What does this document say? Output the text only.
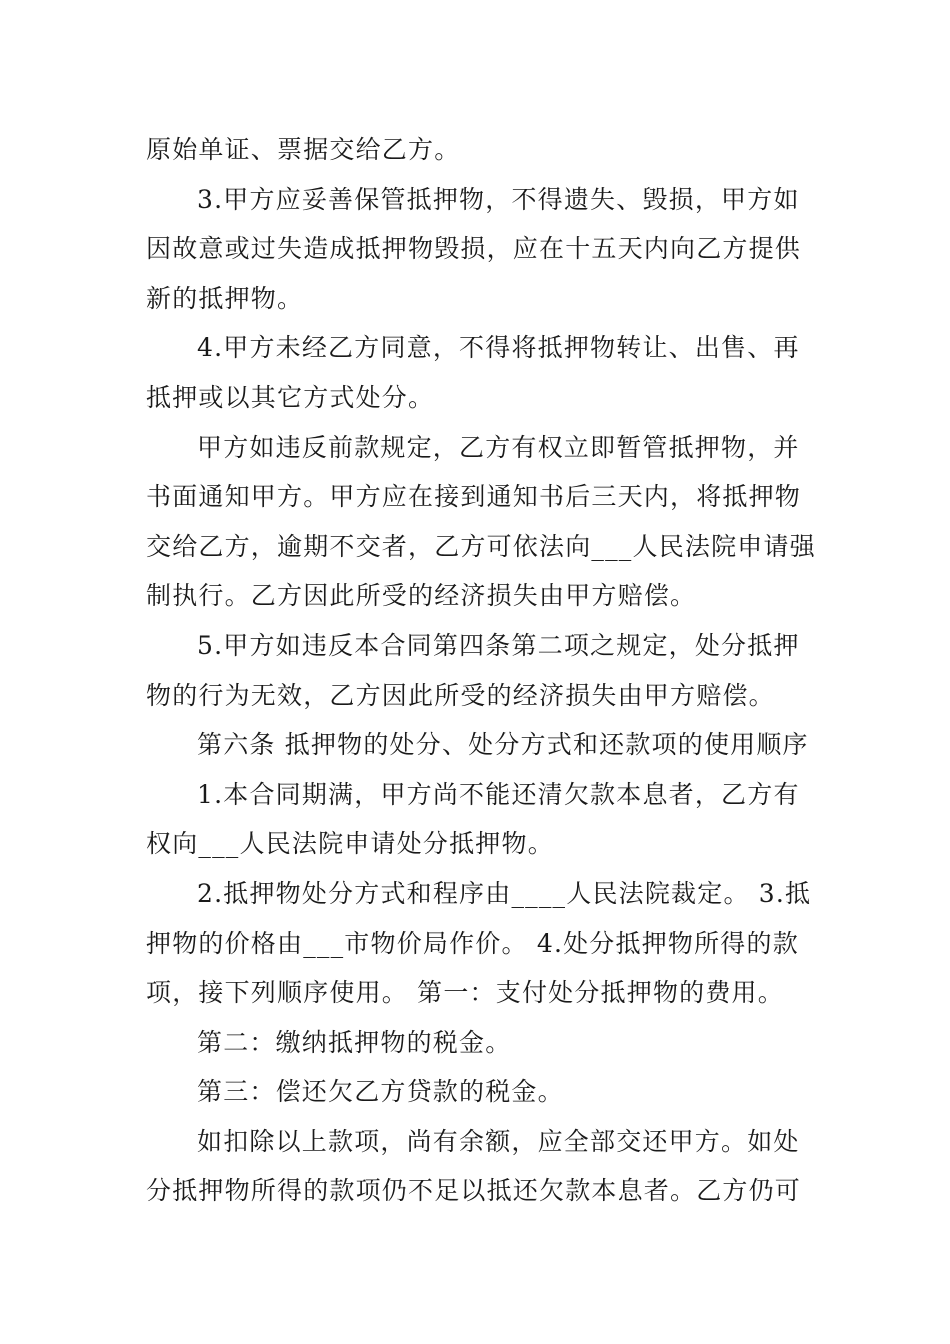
原始单证、票据交给乙方。
3.甲方应妥善保管抵押物，不得遗失、毁损，甲方如
因故意或过失造成抵押物毁损，应在十五天内向乙方提供
新的抵押物。
4.甲方未经乙方同意，不得将抵押物转让、出售、再
抵押或以其它方式处分。
甲方如违反前款规定，乙方有权立即暂管抵押物，并
书面通知甲方。甲方应在接到通知书后三天内，将抵押物
交给乙方，逾期不交者，乙方可依法向___人民法院申请强
制执行。乙方因此所受的经济损失由甲方赔偿。
5.甲方如违反本合同第四条第二项之规定，处分抵押
物的行为无效，乙方因此所受的经济损失由甲方赔偿。
第六条 抵押物的处分、处分方式和还款项的使用顺序
1.本合同期满，甲方尚不能还清欠款本息者，乙方有
权向___人民法院申请处分抵押物。
2.抵押物处分方式和程序由____人民法院裁定。 3.抵
押物的价格由___市物价局作价。 4.处分抵押物所得的款
项，接下列顺序使用。 第一：支付处分抵押物的费用。
第二：缴纳抵押物的税金。
第三：偿还欠乙方贷款的税金。
如扣除以上款项，尚有余额，应全部交还甲方。如处
分抵押物所得的款项仍不足以抵还欠款本息者。乙方仍可
